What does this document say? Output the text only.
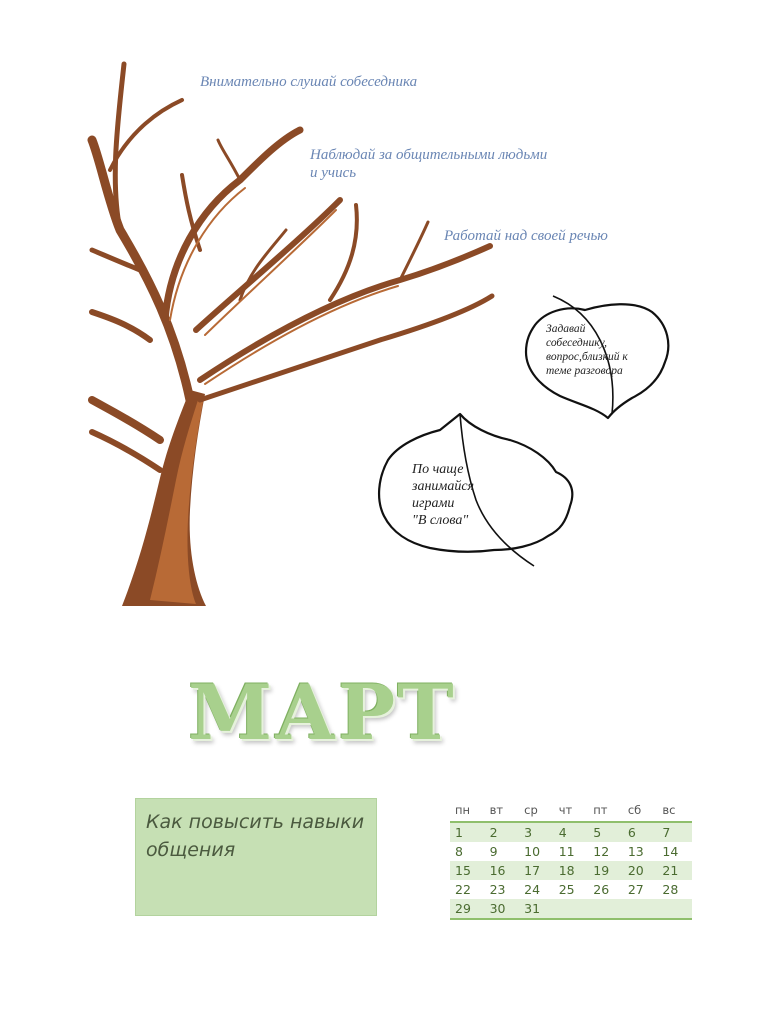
Внимательно слушай собеседника
Наблюдай за общительными людьми
и учись
Работай над своей речью
Задавай
собеседнику,
вопрос,близкий к
теме разговора
По чаще
занимайся
играми
"В слова"
МАРТ
Как повысить навыки общения
пн	вт	ср	чт	пт	сб	вс
1	2	3	4	5	6	7
8	9	10	11	12	13	14
15	16	17	18	19	20	21
22	23	24	25	26	27	28
29	30	31				
